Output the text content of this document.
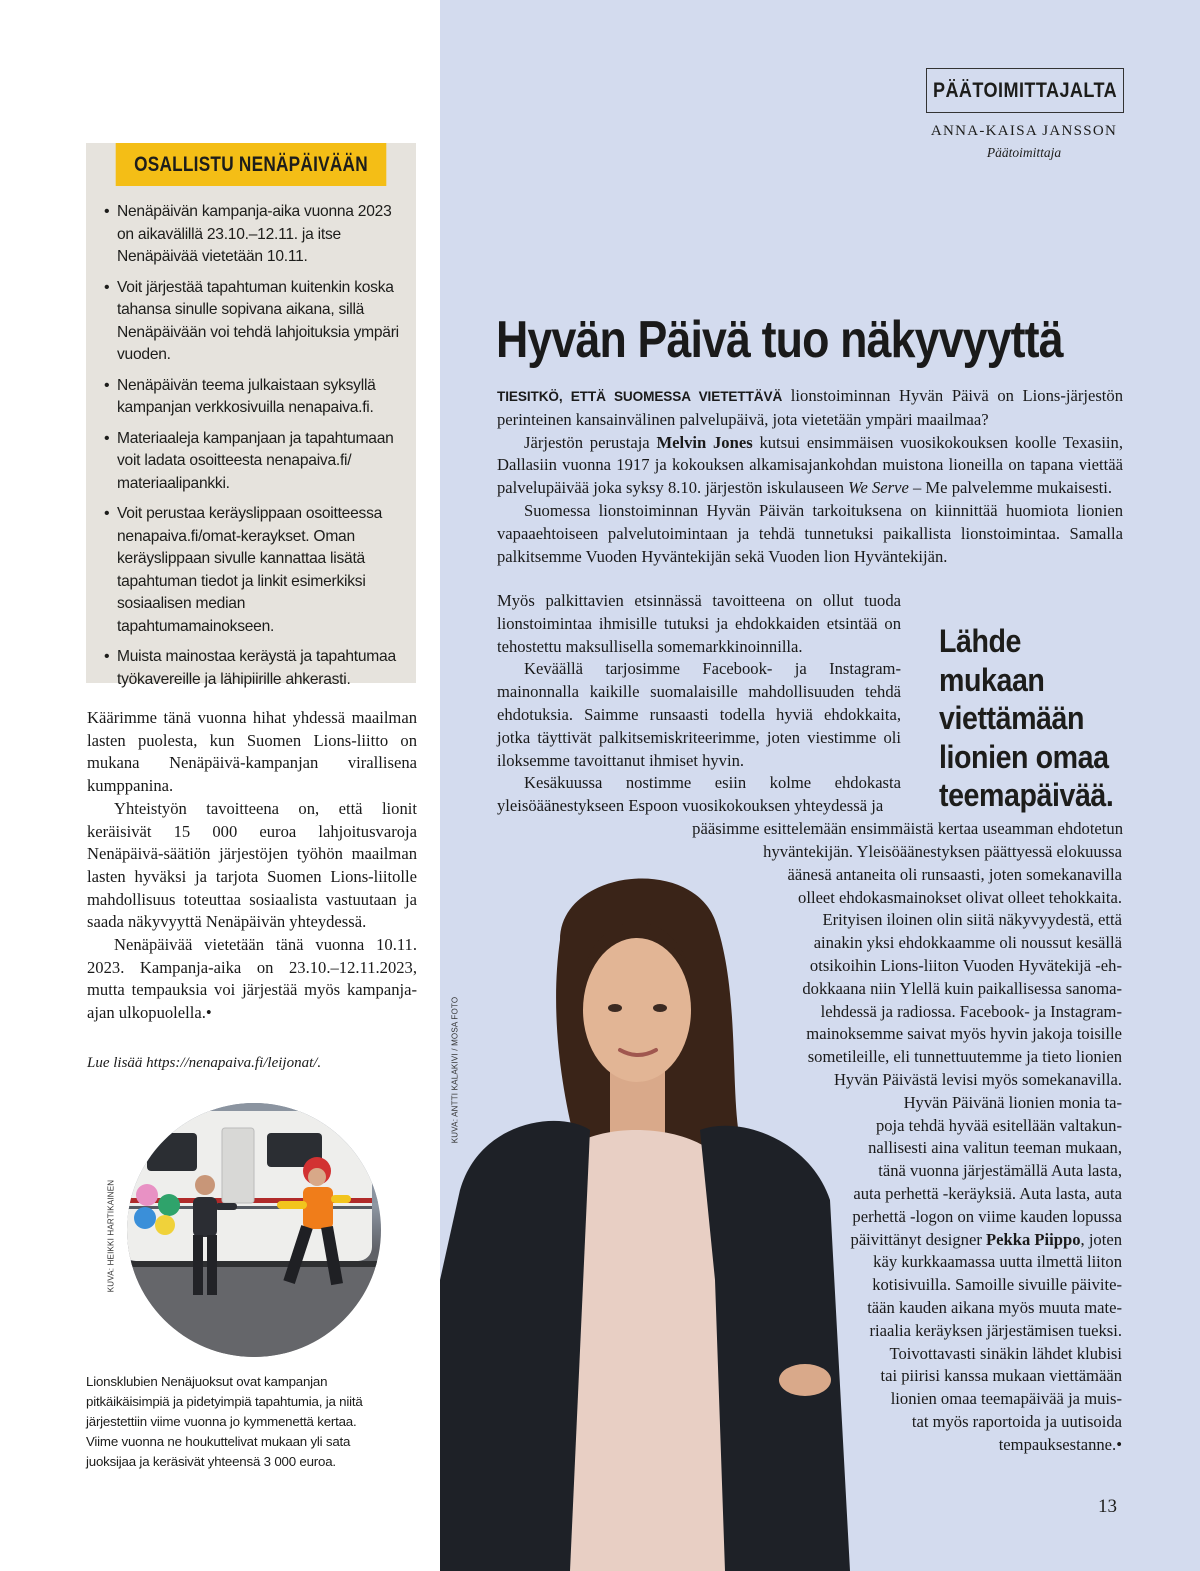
OSALLISTU NENÄPÄIVÄÄN
• Nenäpäivän kampanja-aika vuonna 2023 on aikavälillä 23.10.–12.11. ja itse Nenäpäivää vietetään 10.11.
• Voit järjestää tapahtuman kuitenkin koska tahansa sinulle sopivana aikana, sillä Nenäpäivään voi tehdä lahjoituksia ympäri vuoden.
• Nenäpäivän teema julkaistaan syksyllä kampanjan verkkosivuilla nenapaiva.fi.
• Materiaaleja kampanjaan ja tapahtumaan voit ladata osoitteesta nenapaiva.fi/ materiaalipankki.
• Voit perustaa keräyslippaan osoitteessa nenapaiva.fi/omat-keraykset. Oman keräyslippaan sivulle kannattaa lisätä tapahtuman tiedot ja linkit esimerkiksi sosiaalisen median tapahtumamainokseen.
• Muista mainostaa keräystä ja tapahtumaa työkavereille ja lähipiirille ahkerasti.

Käärimme tänä vuonna hihat yhdessä maailman lasten puolesta, kun Suomen Lions-liitto on mukana Nenäpäivä-kampanjan virallisena kumppanina.

Yhteistyön tavoitteena on, että lionit keräisivät 15 000 euroa lahjoitusvaroja Nenäpäivä-säätiön järjestöjen työhön maailman lasten hyväksi ja tarjota Suomen Lions-liitolle mahdollisuus toteuttaa sosiaalista vastuutaan ja saada näkyvyyttä Nenäpäivän yhteydessä.

Nenäpäivää vietetään tänä vuonna 10.11. 2023. Kampanja-aika on 23.10.–12.11.2023, mutta tempauksia voi järjestää myös kampanja-ajan ulkopuolella.•

Lue lisää https://nenapaiva.fi/leijonat/.
KUVA: HEIKKI HARTIKAINEN
Lionsklubien Nenäjuoksut ovat kampanjan pitkäikäisimpiä ja pidetyimpiä tapahtumia, ja niitä järjestettiin viime vuonna jo kymmenettä kertaa. Viime vuonna ne houkuttelivat mukaan yli sata juoksijaa ja keräsivät yhteensä 3 000 euroa.
PÄÄTOIMITTAJALTA
ANNA-KAISA JANSSON
Päätoimittaja
Hyvän Päivä tuo näkyvyyttä

TIESITKÖ, ETTÄ SUOMESSA VIETETTÄVÄ lionstoiminnan Hyvän Päivä on Lions-järjestön perinteinen kansainvälinen palvelupäivä, jota vietetään ympäri maailmaa?

Järjestön perustaja Melvin Jones kutsui ensimmäisen vuosikokouksen koolle Texasiin, Dallasiin vuonna 1917 ja kokouksen alkamisajankohdan muistona lioneilla on tapana viettää palvelupäivää joka syksy 8.10. järjestön iskulauseen We Serve – Me palvelemme mukaisesti.

Suomessa lionstoiminnan Hyvän Päivän tarkoituksena on kiinnittää huomiota lionien vapaaehtoiseen palvelutoimintaan ja tehdä tunnetuksi paikallista lionstoimintaa. Samalla palkitsemme Vuoden Hyväntekijän sekä Vuoden lion Hyväntekijän.

Myös palkittavien etsinnässä tavoitteena on ollut tuoda lionstoimintaa ihmisille tutuksi ja ehdokkaiden etsintää on tehostettu maksullisella somemarkkinoinnilla.

Keväällä tarjosimme Facebook- ja Instagram-mainonnalla kaikille suomalaisille mahdollisuuden tehdä ehdotuksia. Saimme runsaasti todella hyviä ehdokkaita, jotka täyttivät palkitsemiskriteerimme, joten viestimme oli iloksemme tavoittanut ihmiset hyvin.

Kesäkuussa nostimme esiin kolme ehdokasta yleisöäänestykseen Espoon vuosikokouksen yhteydessä ja

Lähde mukaan viettämään lionien omaa teemapäivää.
KUVA: ANTTI KALAKIVI / MOSA FOTO
pääsimme esittelemään ensimmäistä kertaa useamman ehdotetun
hyväntekijän. Yleisöäänestyksen päättyessä elokuussa
äänesä antaneita oli runsaasti, joten somekanavilla
olleet ehdokasmainokset olivat olleet tehokkaita.
Erityisen iloinen olin siitä näkyvyydestä, että
ainakin yksi ehdokkaamme oli noussut kesällä
otsikoihin Lions-liiton Vuoden Hyvätekijä -eh-
dokkaana niin Ylellä kuin paikallisessa sanoma-
lehdessä ja radiossa. Facebook- ja Instagram-
mainoksemme saivat myös hyvin jakoja toisille
sometileille, eli tunnettuutemme ja tieto lionien
Hyvän Päivästä levisi myös somekanavilla.
Hyvän Päivänä lionien monia ta-
poja tehdä hyvää esitellään valtakun-
nallisesti aina valitun teeman mukaan,
tänä vuonna järjestämällä Auta lasta,
auta perhettä -keräyksiä. Auta lasta, auta
perhettä -logon on viime kauden lopussa
päivittänyt designer Pekka Piippo, joten
käy kurkkaamassa uutta ilmettä liiton
kotisivuilla. Samoille sivuille päivite-
tään kauden aikana myös muuta mate-
riaalia keräyksen järjestämisen tueksi.
Toivottavasti sinäkin lähdet klubisi
tai piirisi kanssa mukaan viettämään
lionien omaa teemapäivää ja muis-
tat myös raportoida ja uutisoida
tempauksestanne.•
13
